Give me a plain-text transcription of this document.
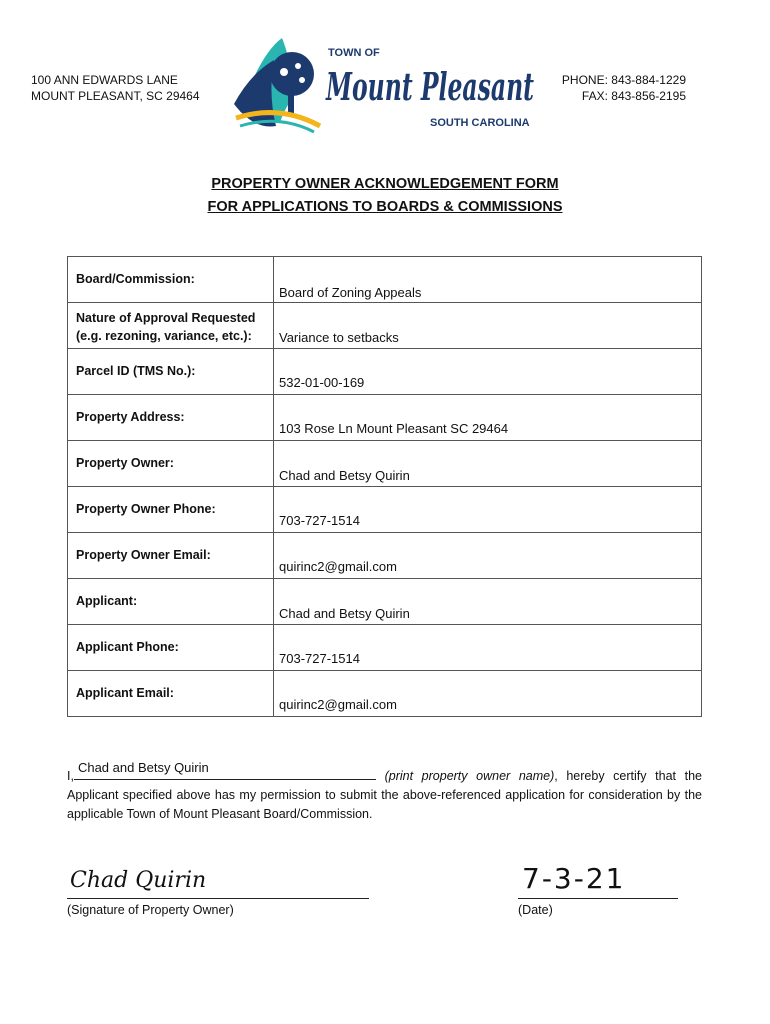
100 ANN EDWARDS LANE
MOUNT PLEASANT, SC 29464
TOWN OF
Mount Pleasant
SOUTH CAROLINA
PHONE: 843-884-1229
FAX: 843-856-2195
PROPERTY OWNER ACKNOWLEDGEMENT FORM
FOR APPLICATIONS TO BOARDS & COMMISSIONS
Board/Commission:	Board of Zoning Appeals

Nature of Approval Requested
(e.g. rezoning, variance, etc.):	Variance to setbacks

Parcel ID (TMS No.):	532-01-00-169

Property Address:	103 Rose Ln Mount Pleasant SC 29464

Property Owner:	Chad and Betsy Quirin

Property Owner Phone:	703-727-1514

Property Owner Email:	quirinc2@gmail.com

Applicant:	Chad and Betsy Quirin

Applicant Phone:	703-727-1514

Applicant Email:	quirinc2@gmail.com
I,
Chad and Betsy Quirin
(print property owner name), hereby certify that the Applicant specified above has my permission to submit the above-referenced application for consideration by the applicable Town of Mount Pleasant Board/Commission.
Chad Quirin
(Signature of Property Owner)
7-3-21
(Date)
